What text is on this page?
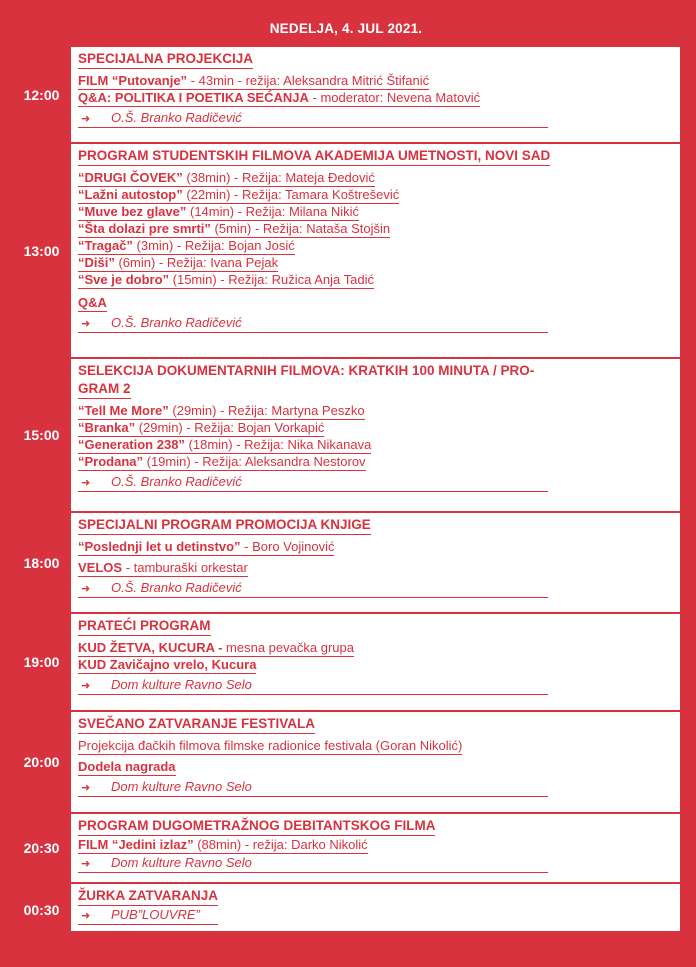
NEDELJA, 4. JUL 2021.
12:00
SPECIJALNA PROJEKCIJA
FILM “Putovanje” - 43min - režija: Aleksandra Mitrić Štifanić
Q&A: POLITIKA I POETIKA SEĆANJA - moderator: Nevena Matović
➜ O.Š. Branko Radičević
13:00
PROGRAM STUDENTSKIH FILMOVA AKADEMIJA UMETNOSTI, NOVI SAD
“DRUGI ČOVEK” (38min) - Režija: Mateja Đedović
“Lažni autostop” (22min) - Režija: Tamara Koštrešević
“Muve bez glave” (14min) - Režija: Milana Nikić
“Šta dolazi pre smrti” (5min) - Režija: Nataša Stojšin
“Tragač” (3min) - Režija: Bojan Josić
“Diši” (6min) - Režija: Ivana Pejak
“Sve je dobro” (15min) - Režija: Ružica Anja Tadić
Q&A
➜ O.Š. Branko Radičević
15:00
SELEKCIJA DOKUMENTARNIH FILMOVA: KRATKIH 100 MINUTA / PRO-
GRAM 2
“Tell Me More” (29min) - Režija: Martyna Peszko
“Branka” (29min) - Režija: Bojan Vorkapić
“Generation 238” (18min) - Režija: Nika Nikanava
“Prodana” (19min) - Režija: Aleksandra Nestorov
➜ O.Š. Branko Radičević
18:00
SPECIJALNI PROGRAM PROMOCIJA KNJIGE
“Poslednji let u detinstvo” - Boro Vojinović
VELOS - tamburaški orkestar
➜ O.Š. Branko Radičević
19:00
PRATEĆI PROGRAM
KUD ŽETVA, KUCURA - mesna pevačka grupa
KUD Zavičajno vrelo, Kucura
➜ Dom kulture Ravno Selo
20:00
SVEČANO ZATVARANJE FESTIVALA
Projekcija đačkih filmova filmske radionice festivala (Goran Nikolić)
Dodela nagrada
➜ Dom kulture Ravno Selo
20:30
PROGRAM DUGOMETRAŽNOG DEBITANTSKOG FILMA
FILM “Jedini izlaz” (88min) - režija: Darko Nikolić
➜ Dom kulture Ravno Selo
00:30
ŽURKA ZATVARANJA
➜ PUB”LOUVRE”
